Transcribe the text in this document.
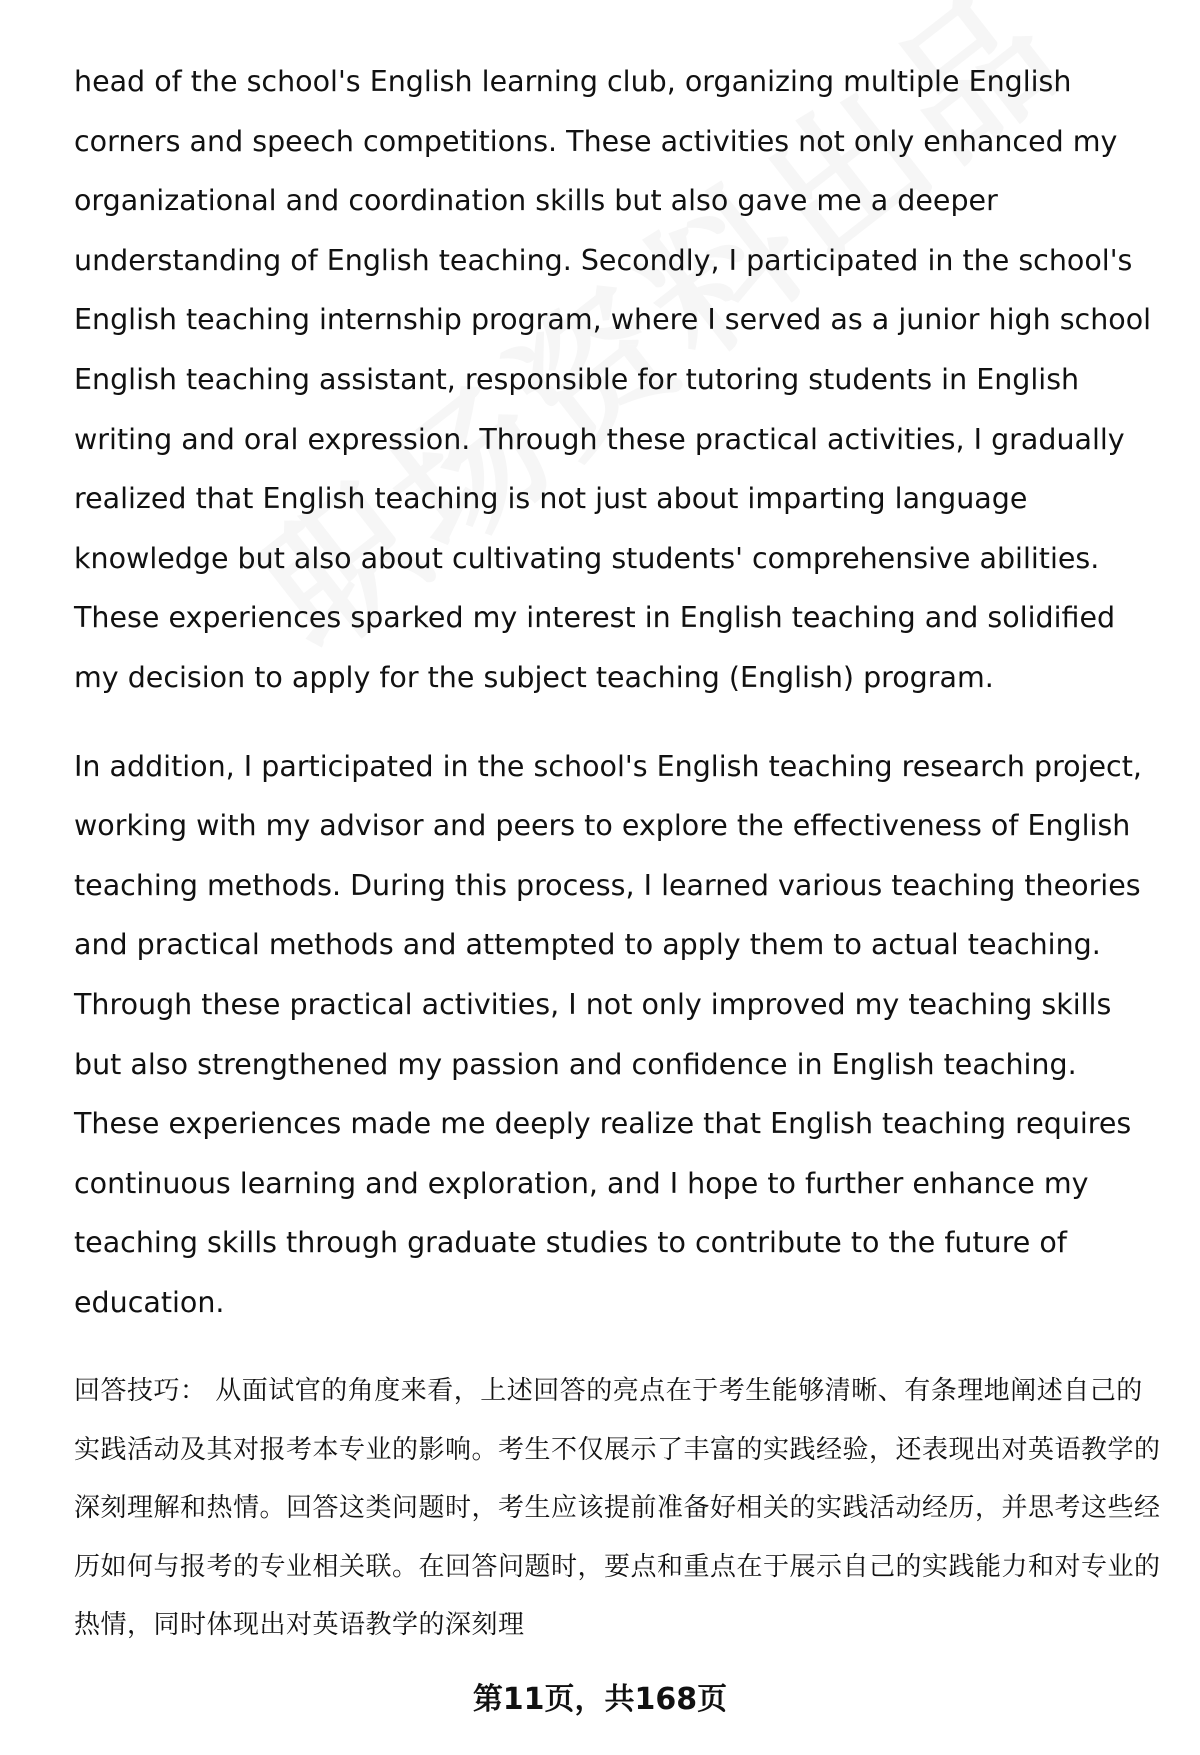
head of the school's English learning club, organizing multiple English corners and speech competitions. These activities not only enhanced my organizational and coordination skills but also gave me a deeper understanding of English teaching. Secondly, I participated in the school's English teaching internship program, where I served as a junior high school English teaching assistant, responsible for tutoring students in English writing and oral expression. Through these practical activities, I gradually realized that English teaching is not just about imparting language knowledge but also about cultivating students' comprehensive abilities. These experiences sparked my interest in English teaching and solidified my decision to apply for the subject teaching (English) program.

In addition, I participated in the school's English teaching research project, working with my advisor and peers to explore the effectiveness of English teaching methods. During this process, I learned various teaching theories and practical methods and attempted to apply them to actual teaching. Through these practical activities, I not only improved my teaching skills but also strengthened my passion and confidence in English teaching. These experiences made me deeply realize that English teaching requires continuous learning and exploration, and I hope to further enhance my teaching skills through graduate studies to contribute to the future of education.

回答技巧： 从面试官的角度来看，上述回答的亮点在于考生能够清晰、有条理地阐述自己的实践活动及其对报考本专业的影响。考生不仅展示了丰富的实践经验，还表现出对英语教学的深刻理解和热情。回答这类问题时，考生应该提前准备好相关的实践活动经历，并思考这些经历如何与报考的专业相关联。在回答问题时，要点和重点在于展示自己的实践能力和对专业的热情，同时体现出对英语教学的深刻理

第11页，共168页
